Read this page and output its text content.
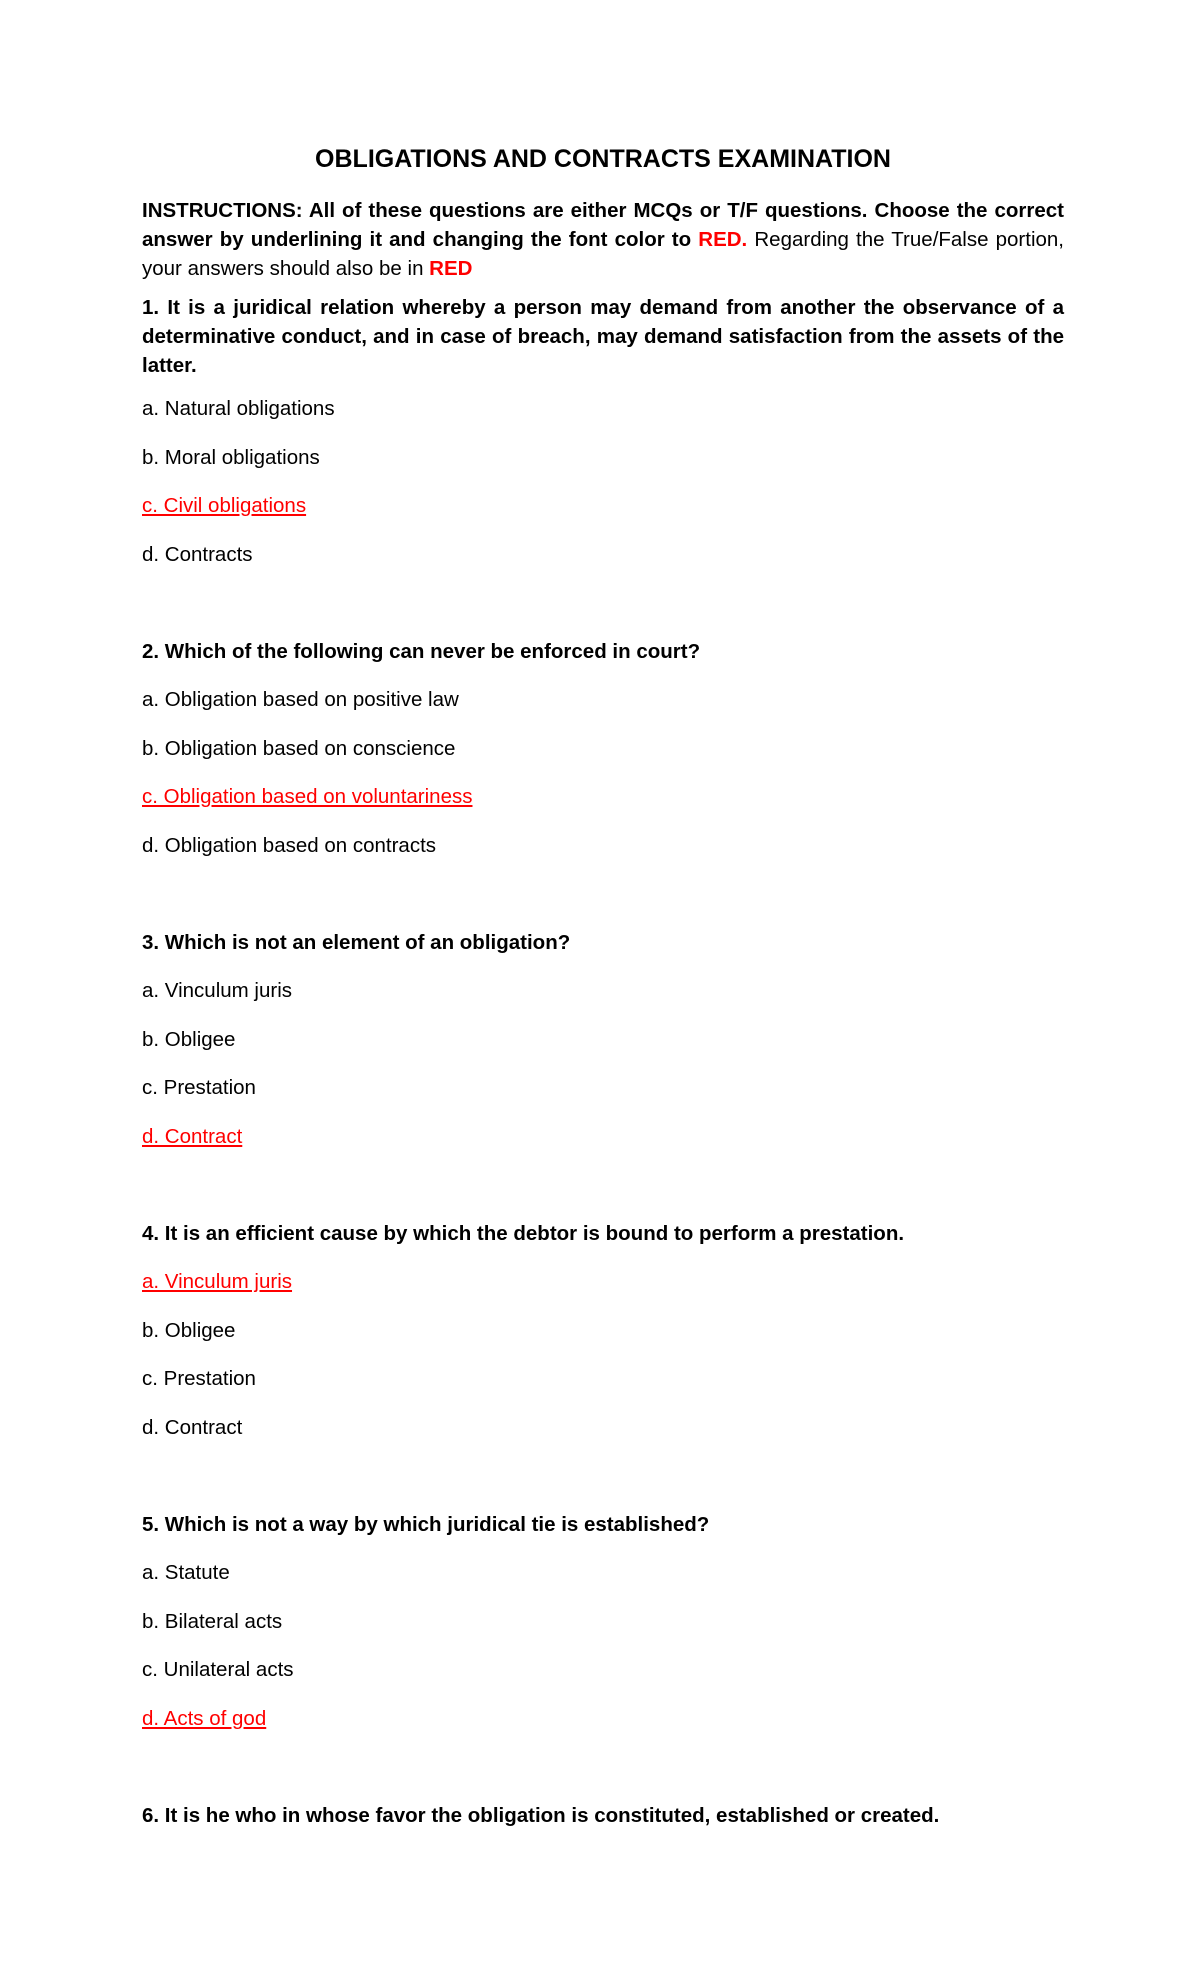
OBLIGATIONS AND CONTRACTS EXAMINATION

INSTRUCTIONS: All of these questions are either MCQs or T/F questions. Choose the correct answer by underlining it and changing the font color to RED. Regarding the True/False portion, your answers should also be in RED

1. It is a juridical relation whereby a person may demand from another the observance of a determinative conduct, and in case of breach, may demand satisfaction from the assets of the latter.

a. Natural obligations

b. Moral obligations

c. Civil obligations

d. Contracts

2. Which of the following can never be enforced in court?

a. Obligation based on positive law

b. Obligation based on conscience

c. Obligation based on voluntariness

d. Obligation based on contracts

3. Which is not an element of an obligation?

a. Vinculum juris

b. Obligee

c. Prestation

d. Contract

4. It is an efficient cause by which the debtor is bound to perform a prestation.

a. Vinculum juris

b. Obligee

c. Prestation

d. Contract

5. Which is not a way by which juridical tie is established?

a. Statute

b. Bilateral acts

c. Unilateral acts

d. Acts of god

6. It is he who in whose favor the obligation is constituted, established or created.
